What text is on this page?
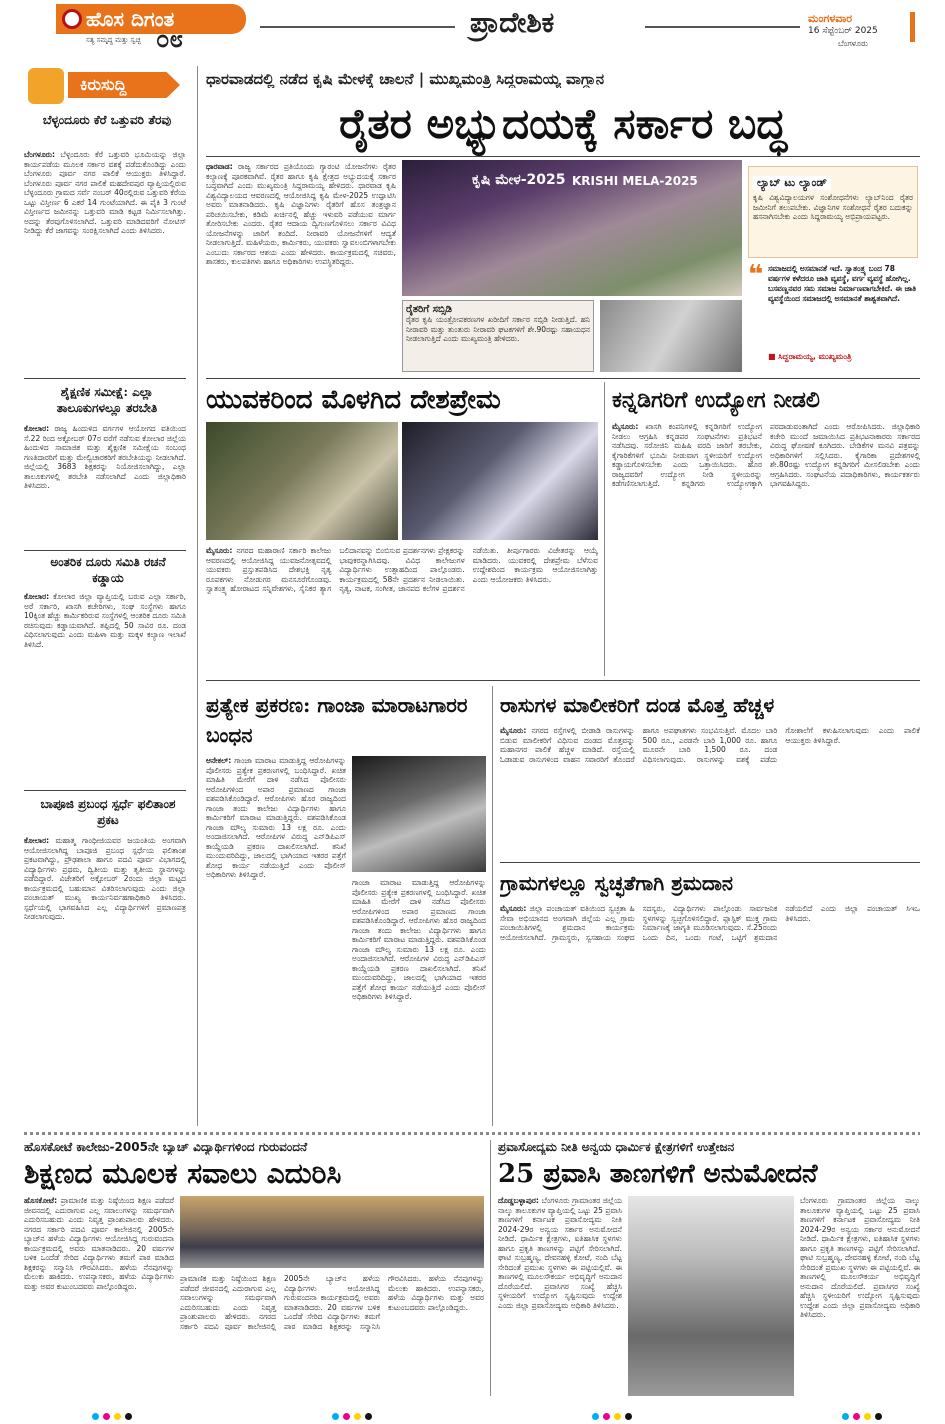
ಹೊಸ ದಿಗಂತ
ಸತ್ಯ ಸಮೃದ್ಧ ಮತ್ತು ಸ್ವಚ್ಛ ೦೮	ಪ್ರಾದೇಶಿಕ	ಮಂಗಳವಾರ
16 ಸೆಪ್ಟೆಂಬರ್ 2025
ಬೆಂಗಳೂರು
ಕಿರುಸುದ್ದಿ
ಬೆಳ್ಳಂದೂರು ಕೆರೆ ಒತ್ತುವರಿ ತೆರವು
ಬೆಂಗಳೂರು: ಬೆಳ್ಳಂದೂರು ಕೆರೆ ಒತ್ತುವರಿ ಭೂಮಿಯನ್ನು ಜಿಲ್ಲಾ ಕಾರ್ಯಪಡೆಯ ಮೂಲಕ ಸರ್ಕಾರ ವಶಕ್ಕೆ ಪಡೆದುಕೊಂಡಿದ್ದು ಎಂದು ಬೆಂಗಳೂರು ಪೂರ್ವ ನಗರ ಪಾಲಿಕೆ ಆಯುಕ್ತರು ತಿಳಿಸಿದ್ದಾರೆ. ಬೆಂಗಳೂರು ಪೂರ್ವ ನಗರ ಪಾಲಿಕೆ ಮಹದೇವಪುರ ವ್ಯಾಪ್ತಿಯಲ್ಲಿರುವ ಬೆಳ್ಳಂದೂರು ಗ್ರಾಮದ ಸರ್ವೆ ನಂಬರ್ 40ರಲ್ಲಿರುವ ಒತ್ತುವರಿ ಕೆರೆಯ ಒಟ್ಟು ವಿಸ್ತೀರ್ಣ 6 ಎಕರೆ 14 ಗುಂಟೆಯಾಗಿದೆ. ಈ ಪೈಕಿ 3 ಗುಂಟೆ ವಿಸ್ತೀರ್ಣದ ಜಮೀನನ್ನು ಒತ್ತುವರಿ ಮಾಡಿ ಕಟ್ಟಡ ನಿರ್ಮಿಸಲಾಗಿತ್ತು. ಅದನ್ನು ತೆರವುಗೊಳಿಸಲಾಗಿದೆ. ಒತ್ತುವರಿ ಮಾಡಿದವರಿಗೆ ನೋಟಿಸ್ ನೀಡಿದ್ದು ಕೆರೆ ಜಾಗವನ್ನು ಸಂರಕ್ಷಿಸಲಾಗಿದೆ ಎಂದು ತಿಳಿಸಿದರು.
ಶೈಕ್ಷಣಿಕ ಸಮೀಕ್ಷೆ: ಎಲ್ಲಾ ತಾಲೂಕುಗಳಲ್ಲೂ ತರಬೇತಿ
ಕೋಲಾರ: ರಾಜ್ಯ ಹಿಂದುಳಿದ ವರ್ಗಗಳ ಆಯೋಗದ ವತಿಯಿಂದ ಸೆ.22 ರಿಂದ ಅಕ್ಟೋಬರ್ 07ರ ವರೆಗೆ ನಡೆಸುವ ಕೋಲಾರ ಜಿಲ್ಲೆಯ ಹಿಂದುಳಿದ ಸಾಮಾಜಿಕ ಮತ್ತು ಶೈಕ್ಷಣಿಕ ಸಮೀಕ್ಷೆಯ ಸಂಬಂಧ ಗಣತಿದಾರರಿಗೆ ಮತ್ತು ಮೇಲ್ವಿಚಾರಕರಿಗೆ ತರಬೇತಿಯನ್ನು ನೀಡಲಾಗಿದೆ. ಜಿಲ್ಲೆಯಲ್ಲಿ 3683 ಶಿಕ್ಷಕರನ್ನು ನಿಯೋಜಿಸಲಾಗಿದ್ದು, ಎಲ್ಲಾ ತಾಲೂಕುಗಳಲ್ಲಿ ತರಬೇತಿ ನಡೆಸಲಾಗಿದೆ ಎಂದು ಜಿಲ್ಲಾಧಿಕಾರಿ ತಿಳಿಸಿದರು.
ಅಂತರಿಕ ದೂರು ಸಮಿತಿ ರಚನೆ ಕಡ್ಡಾಯ
ಕೋಲಾರ: ಕೋಲಾರ ಜಿಲ್ಲಾ ವ್ಯಾಪ್ತಿಯಲ್ಲಿ ಬರುವ ಎಲ್ಲಾ ಸರ್ಕಾರಿ, ಅರೆ ಸರ್ಕಾರಿ, ಖಾಸಗಿ ಕಚೇರಿಗಳು, ಸಂಘ ಸಂಸ್ಥೆಗಳು ಹಾಗೂ 10ಕ್ಕಿಂತ ಹೆಚ್ಚು ಕಾರ್ಮಿಕರಿರುವ ಸಂಸ್ಥೆಗಳಲ್ಲಿ ಆಂತರಿಕ ದೂರು ಸಮಿತಿ ರಚಿಸುವುದು ಕಡ್ಡಾಯವಾಗಿದೆ. ತಪ್ಪಿದಲ್ಲಿ 50 ಸಾವಿರ ರೂ. ದಂಡ ವಿಧಿಸಲಾಗುವುದು ಎಂದು ಮಹಿಳಾ ಮತ್ತು ಮಕ್ಕಳ ಕಲ್ಯಾಣ ಇಲಾಖೆ ತಿಳಿಸಿದೆ.
ಬಾಪೂಜಿ ಪ್ರಬಂಧ ಸ್ಪರ್ಧೆ ಫಲಿತಾಂಶ ಪ್ರಕಟ
ಕೋಲಾರ: ಮಹಾತ್ಮ ಗಾಂಧೀಜಿಯವರ ಜಯಂತಿಯ ಅಂಗವಾಗಿ ಆಯೋಜಿಸಲಾಗಿದ್ದ ಬಾಪೂಜಿ ಪ್ರಬಂಧ ಸ್ಪರ್ಧೆಯ ಫಲಿತಾಂಶ ಪ್ರಕಟವಾಗಿದ್ದು, ಪ್ರೌಢಶಾಲಾ ಹಾಗೂ ಪದವಿ ಪೂರ್ವ ವಿಭಾಗದಲ್ಲಿ ವಿದ್ಯಾರ್ಥಿಗಳು ಪ್ರಥಮ, ದ್ವಿತೀಯ ಮತ್ತು ತೃತೀಯ ಸ್ಥಾನಗಳನ್ನು ಪಡೆದಿದ್ದಾರೆ. ವಿಜೇತರಿಗೆ ಅಕ್ಟೋಬರ್ 2ರಂದು ಜಿಲ್ಲಾ ಮಟ್ಟದ ಕಾರ್ಯಕ್ರಮದಲ್ಲಿ ಬಹುಮಾನ ವಿತರಿಸಲಾಗುವುದು ಎಂದು ಜಿಲ್ಲಾ ಪಂಚಾಯತ್ ಮುಖ್ಯ ಕಾರ್ಯನಿರ್ವಹಣಾಧಿಕಾರಿ ತಿಳಿಸಿದರು. ಸ್ಪರ್ಧೆಯಲ್ಲಿ ಭಾಗವಹಿಸಿದ ಎಲ್ಲ ವಿದ್ಯಾರ್ಥಿಗಳಿಗೆ ಪ್ರಮಾಣಪತ್ರ ನೀಡಲಾಗುವುದು.
ಧಾರವಾಡದಲ್ಲಿ ನಡೆದ ಕೃಷಿ ಮೇಳಕ್ಕೆ ಚಾಲನೆ | ಮುಖ್ಯಮಂತ್ರಿ ಸಿದ್ದರಾಮಯ್ಯ ವಾಗ್ದಾನ
ರೈತರ ಅಭ್ಯುದಯಕ್ಕೆ ಸರ್ಕಾರ ಬದ್ಧ
ಧಾರವಾಡ: ರಾಜ್ಯ ಸರ್ಕಾರದ ಪ್ರತಿಯೊಂದು ಗ್ಯಾರಂಟಿ ಯೋಜನೆಗಳು ರೈತರ ಕಲ್ಯಾಣಕ್ಕೆ ಪೂರಕವಾಗಿವೆ. ರೈತರ ಹಾಗೂ ಕೃಷಿ ಕ್ಷೇತ್ರದ ಅಭ್ಯುದಯಕ್ಕೆ ಸರ್ಕಾರ ಬದ್ಧವಾಗಿದೆ ಎಂದು ಮುಖ್ಯಮಂತ್ರಿ ಸಿದ್ದರಾಮಯ್ಯ ಹೇಳಿದರು. ಧಾರವಾಡ ಕೃಷಿ ವಿಶ್ವವಿದ್ಯಾಲಯದ ಆವರಣದಲ್ಲಿ ಆಯೋಜಿಸಿದ್ದ ಕೃಷಿ ಮೇಳ-2025 ಉದ್ಘಾಟಿಸಿ ಅವರು ಮಾತನಾಡಿದರು. ಕೃಷಿ ವಿಜ್ಞಾನಿಗಳು ರೈತರಿಗೆ ಹೊಸ ತಂತ್ರಜ್ಞಾನ ಪರಿಚಯಿಸಬೇಕು, ಕಡಿಮೆ ಖರ್ಚಿನಲ್ಲಿ ಹೆಚ್ಚು ಇಳುವರಿ ಪಡೆಯುವ ಮಾರ್ಗ ತೋರಿಸಬೇಕು ಎಂದರು. ರೈತರ ಆದಾಯ ದ್ವಿಗುಣಗೊಳಿಸಲು ಸರ್ಕಾರ ವಿವಿಧ ಯೋಜನೆಗಳನ್ನು ಜಾರಿಗೆ ತಂದಿದೆ. ನೀರಾವರಿ ಯೋಜನೆಗಳಿಗೆ ಆದ್ಯತೆ ನೀಡಲಾಗುತ್ತಿದೆ. ಮಹಿಳೆಯರು, ಕಾರ್ಮಿಕರು, ಯುವಕರು ಸ್ವಾವಲಂಬಿಗಳಾಗಬೇಕು ಎಂಬುದು ಸರ್ಕಾರದ ಆಶಯ ಎಂದು ಹೇಳಿದರು. ಕಾರ್ಯಕ್ರಮದಲ್ಲಿ ಸಚಿವರು, ಶಾಸಕರು, ಕುಲಪತಿಗಳು ಹಾಗೂ ಅಧಿಕಾರಿಗಳು ಉಪಸ್ಥಿತರಿದ್ದರು.
ಕೃಷಿ ಮೇಳ-2025 KRISHI MELA-2025
ರೈತರಿಗೆ ಸಬ್ಸಿಡಿ
ರೈತರ ಕೃಷಿ ಯಂತ್ರೋಪಕರಣಗಳ ಖರೀದಿಗೆ ಸರ್ಕಾರ ಸಬ್ಸಿಡಿ ನೀಡುತ್ತಿದೆ. ಹನಿ ನೀರಾವರಿ ಮತ್ತು ತುಂತುರು ನೀರಾವರಿ ಘಟಕಗಳಿಗೆ ಶೇ.90ರಷ್ಟು ಸಹಾಯಧನ ನೀಡಲಾಗುತ್ತಿದೆ ಎಂದು ಮುಖ್ಯಮಂತ್ರಿ ಹೇಳಿದರು.
ಲ್ಯಾಬ್ ಟು ಲ್ಯಾಂಡ್
ಕೃಷಿ ವಿಶ್ವವಿದ್ಯಾಲಯಗಳ ಸಂಶೋಧನೆಗಳು ಲ್ಯಾಬ್‌ನಿಂದ ರೈತರ ಜಮೀನಿಗೆ ತಲುಪಬೇಕು. ವಿಜ್ಞಾನಿಗಳ ಸಂಶೋಧನೆ ರೈತರ ಬದುಕನ್ನು ಹಸನಾಗಿಸಬೇಕು ಎಂದು ಸಿದ್ದರಾಮಯ್ಯ ಅಭಿಪ್ರಾಯಪಟ್ಟರು.
❝ ಸಮಾಜದಲ್ಲಿ ಅಸಮಾನತೆ ಇದೆ. ಸ್ವಾತಂತ್ರ್ಯ ಬಂದ 78 ವರ್ಷಗಳ ಕಳೆದರೂ ಜಾತಿ ವ್ಯವಸ್ಥೆ, ವರ್ಗ ವ್ಯವಸ್ಥೆ ಹೋಗಿಲ್ಲ. ಬಸವಣ್ಣನವರ ಸಮ ಸಮಾಜ ನಿರ್ಮಾಣವಾಗಬೇಕಿದೆ. ಈ ಜಾತಿ ವ್ಯವಸ್ಥೆಯಿಂದ ಸಮಾಜದಲ್ಲಿ ಅಸಮಾನತೆ ಶಾಶ್ವತವಾಗಿದೆ.
■ ಸಿದ್ದರಾಮಯ್ಯ, ಮುಖ್ಯಮಂತ್ರಿ
ಯುವಕರಿಂದ ಮೊಳಗಿದ ದೇಶಪ್ರೇಮ
ಮೈಸೂರು: ನಗರದ ಮಹಾರಾಣಿ ಸರ್ಕಾರಿ ಕಾಲೇಜು ಆವರಣದಲ್ಲಿ ಆಯೋಜಿಸಿದ್ದ ಯುವಜನೋತ್ಸವದಲ್ಲಿ ಯುವಕರು ಪ್ರಸ್ತುತಪಡಿಸಿದ ದೇಶಭಕ್ತಿ ನೃತ್ಯ ರೂಪಕಗಳು ನೋಡುಗರ ಮನಸೂರೆಗೊಂಡವು. ಸ್ವಾತಂತ್ರ್ಯ ಹೋರಾಟದ ಸನ್ನಿವೇಶಗಳು, ಸೈನಿಕರ ತ್ಯಾಗ ಬಲಿದಾನವನ್ನು ಬಿಂಬಿಸುವ ಪ್ರದರ್ಶನಗಳು ಪ್ರೇಕ್ಷಕರನ್ನು ಭಾವುಕರನ್ನಾಗಿಸಿದವು. ವಿವಿಧ ಕಾಲೇಜುಗಳ ವಿದ್ಯಾರ್ಥಿಗಳು ಉತ್ಸಾಹದಿಂದ ಪಾಲ್ಗೊಂಡರು. ಕಾರ್ಯಕ್ರಮದಲ್ಲಿ 58ನೇ ಪ್ರದರ್ಶನ ನೀಡಲಾಯಿತು. ನೃತ್ಯ, ನಾಟಕ, ಸಂಗೀತ, ಜಾನಪದ ಕಲೆಗಳ ಪ್ರದರ್ಶನ ನಡೆಯಿತು. ತೀರ್ಪುಗಾರರು ವಿಜೇತರನ್ನು ಆಯ್ಕೆ ಮಾಡಿದರು. ಯುವಕರಲ್ಲಿ ದೇಶಪ್ರೇಮ ಬೆಳೆಸುವ ಉದ್ದೇಶದಿಂದ ಕಾರ್ಯಕ್ರಮ ಆಯೋಜಿಸಲಾಗಿತ್ತು ಎಂದು ಆಯೋಜಕರು ತಿಳಿಸಿದರು.
ಕನ್ನಡಿಗರಿಗೆ ಉದ್ಯೋಗ ನೀಡಲಿ
ಮೈಸೂರು: ಖಾಸಗಿ ಕಂಪನಿಗಳಲ್ಲಿ ಕನ್ನಡಿಗರಿಗೆ ಉದ್ಯೋಗ ನೀಡಲು ಆಗ್ರಹಿಸಿ ಕನ್ನಡಪರ ಸಂಘಟನೆಗಳು ಪ್ರತಿಭಟನೆ ನಡೆಸಿದವು. ಸರೋಜಿನಿ ಮಹಿಷಿ ವರದಿ ಜಾರಿಗೆ ತರಬೇಕು, ಕೈಗಾರಿಕೆಗಳಿಗೆ ಭೂಮಿ ನೀಡುವಾಗ ಸ್ಥಳೀಯರಿಗೆ ಉದ್ಯೋಗ ಕಡ್ಡಾಯಗೊಳಿಸಬೇಕು ಎಂದು ಒತ್ತಾಯಿಸಿದರು. ಹೊರ ರಾಜ್ಯದವರಿಗೆ ಉದ್ಯೋಗ ನೀಡಿ ಸ್ಥಳೀಯರನ್ನು ಕಡೆಗಣಿಸಲಾಗುತ್ತಿದೆ. ಕನ್ನಡಿಗರು ಉದ್ಯೋಗಕ್ಕಾಗಿ ಪರದಾಡುವಂತಾಗಿದೆ ಎಂದು ಆರೋಪಿಸಿದರು. ಜಿಲ್ಲಾಧಿಕಾರಿ ಕಚೇರಿ ಮುಂದೆ ಜಮಾಯಿಸಿದ ಪ್ರತಿಭಟನಾಕಾರರು ಸರ್ಕಾರದ ವಿರುದ್ಧ ಘೋಷಣೆ ಕೂಗಿದರು. ಬೇಡಿಕೆಗಳ ಮನವಿ ಪತ್ರವನ್ನು ಅಧಿಕಾರಿಗಳಿಗೆ ಸಲ್ಲಿಸಿದರು. ಕೈಗಾರಿಕಾ ಪ್ರದೇಶಗಳಲ್ಲಿ ಶೇ.80ರಷ್ಟು ಉದ್ಯೋಗ ಕನ್ನಡಿಗರಿಗೆ ಮೀಸಲಿಡಬೇಕು ಎಂದು ಆಗ್ರಹಿಸಿದರು. ಸಂಘಟನೆಯ ಪದಾಧಿಕಾರಿಗಳು, ಕಾರ್ಯಕರ್ತರು ಭಾಗವಹಿಸಿದ್ದರು.
ಪ್ರತ್ಯೇಕ ಪ್ರಕರಣ: ಗಾಂಜಾ ಮಾರಾಟಗಾರರ ಬಂಧನ
ಆನೇಕಲ್: ಗಾಂಜಾ ಮಾರಾಟ ಮಾಡುತ್ತಿದ್ದ ಆರೋಪಿಗಳನ್ನು ಪೊಲೀಸರು ಪ್ರತ್ಯೇಕ ಪ್ರಕರಣಗಳಲ್ಲಿ ಬಂಧಿಸಿದ್ದಾರೆ. ಖಚಿತ ಮಾಹಿತಿ ಮೇರೆಗೆ ದಾಳಿ ನಡೆಸಿದ ಪೊಲೀಸರು ಆರೋಪಿಗಳಿಂದ ಅಪಾರ ಪ್ರಮಾಣದ ಗಾಂಜಾ ವಶಪಡಿಸಿಕೊಂಡಿದ್ದಾರೆ. ಆರೋಪಿಗಳು ಹೊರ ರಾಜ್ಯದಿಂದ ಗಾಂಜಾ ತಂದು ಕಾಲೇಜು ವಿದ್ಯಾರ್ಥಿಗಳು ಹಾಗೂ ಕಾರ್ಮಿಕರಿಗೆ ಮಾರಾಟ ಮಾಡುತ್ತಿದ್ದರು. ವಶಪಡಿಸಿಕೊಂಡ ಗಾಂಜಾ ಮೌಲ್ಯ ಸುಮಾರು 13 ಲಕ್ಷ ರೂ. ಎಂದು ಅಂದಾಜಿಸಲಾಗಿದೆ. ಆರೋಪಿಗಳ ವಿರುದ್ಧ ಎನ್‌ಡಿಪಿಎಸ್ ಕಾಯ್ದೆಯಡಿ ಪ್ರಕರಣ ದಾಖಲಿಸಲಾಗಿದೆ. ತನಿಖೆ ಮುಂದುವರಿದಿದ್ದು, ಜಾಲದಲ್ಲಿ ಭಾಗಿಯಾದ ಇತರರ ಪತ್ತೆಗೆ ಶೋಧ ಕಾರ್ಯ ನಡೆಯುತ್ತಿದೆ ಎಂದು ಪೊಲೀಸ್ ಅಧಿಕಾರಿಗಳು ತಿಳಿಸಿದ್ದಾರೆ.
ಗಾಂಜಾ ಮಾರಾಟ ಮಾಡುತ್ತಿದ್ದ ಆರೋಪಿಗಳನ್ನು ಪೊಲೀಸರು ಪ್ರತ್ಯೇಕ ಪ್ರಕರಣಗಳಲ್ಲಿ ಬಂಧಿಸಿದ್ದಾರೆ. ಖಚಿತ ಮಾಹಿತಿ ಮೇರೆಗೆ ದಾಳಿ ನಡೆಸಿದ ಪೊಲೀಸರು ಆರೋಪಿಗಳಿಂದ ಅಪಾರ ಪ್ರಮಾಣದ ಗಾಂಜಾ ವಶಪಡಿಸಿಕೊಂಡಿದ್ದಾರೆ. ಆರೋಪಿಗಳು ಹೊರ ರಾಜ್ಯದಿಂದ ಗಾಂಜಾ ತಂದು ಕಾಲೇಜು ವಿದ್ಯಾರ್ಥಿಗಳು ಹಾಗೂ ಕಾರ್ಮಿಕರಿಗೆ ಮಾರಾಟ ಮಾಡುತ್ತಿದ್ದರು. ವಶಪಡಿಸಿಕೊಂಡ ಗಾಂಜಾ ಮೌಲ್ಯ ಸುಮಾರು 13 ಲಕ್ಷ ರೂ. ಎಂದು ಅಂದಾಜಿಸಲಾಗಿದೆ. ಆರೋಪಿಗಳ ವಿರುದ್ಧ ಎನ್‌ಡಿಪಿಎಸ್ ಕಾಯ್ದೆಯಡಿ ಪ್ರಕರಣ ದಾಖಲಿಸಲಾಗಿದೆ. ತನಿಖೆ ಮುಂದುವರಿದಿದ್ದು, ಜಾಲದಲ್ಲಿ ಭಾಗಿಯಾದ ಇತರರ ಪತ್ತೆಗೆ ಶೋಧ ಕಾರ್ಯ ನಡೆಯುತ್ತಿದೆ ಎಂದು ಪೊಲೀಸ್ ಅಧಿಕಾರಿಗಳು ತಿಳಿಸಿದ್ದಾರೆ.
ರಾಸುಗಳ ಮಾಲೀಕರಿಗೆ ದಂಡ ಮೊತ್ತ ಹೆಚ್ಚಳ
ಮೈಸೂರು: ನಗರದ ರಸ್ತೆಗಳಲ್ಲಿ ಬೀಡಾಡಿ ರಾಸುಗಳನ್ನು ಬಿಡುವ ಮಾಲೀಕರಿಗೆ ವಿಧಿಸುವ ದಂಡದ ಮೊತ್ತವನ್ನು ಮಹಾನಗರ ಪಾಲಿಕೆ ಹೆಚ್ಚಳ ಮಾಡಿದೆ. ರಸ್ತೆಯಲ್ಲಿ ಓಡಾಡುವ ರಾಸುಗಳಿಂದ ವಾಹನ ಸವಾರರಿಗೆ ತೊಂದರೆ ಹಾಗೂ ಅಪಘಾತಗಳು ಸಂಭವಿಸುತ್ತಿವೆ. ಮೊದಲ ಬಾರಿ 500 ರೂ., ಎರಡನೇ ಬಾರಿ 1,000 ರೂ. ಹಾಗೂ ಮೂರನೇ ಬಾರಿ 1,500 ರೂ. ದಂಡ ವಿಧಿಸಲಾಗುವುದು. ರಾಸುಗಳನ್ನು ವಶಕ್ಕೆ ಪಡೆದು ಗೋಶಾಲೆಗೆ ಕಳುಹಿಸಲಾಗುವುದು ಎಂದು ಪಾಲಿಕೆ ಆಯುಕ್ತರು ತಿಳಿಸಿದ್ದಾರೆ.
ಗ್ರಾಮಗಳಲ್ಲೂ ಸ್ವಚ್ಛತೆಗಾಗಿ ಶ್ರಮದಾನ
ಮೈಸೂರು: ಜಿಲ್ಲಾ ಪಂಚಾಯತ್ ವತಿಯಿಂದ ಸ್ವಚ್ಛತಾ ಹಿ ಸೇವಾ ಅಭಿಯಾನದ ಅಂಗವಾಗಿ ಜಿಲ್ಲೆಯ ಎಲ್ಲ ಗ್ರಾಮ ಪಂಚಾಯಿತಿಗಳಲ್ಲಿ ಶ್ರಮದಾನ ಕಾರ್ಯಕ್ರಮ ಆಯೋಜಿಸಲಾಗಿದೆ. ಗ್ರಾಮಸ್ಥರು, ಸ್ವಸಹಾಯ ಸಂಘದ ಸದಸ್ಯರು, ವಿದ್ಯಾರ್ಥಿಗಳು ಪಾಲ್ಗೊಂಡು ಸಾರ್ವಜನಿಕ ಸ್ಥಳಗಳನ್ನು ಸ್ವಚ್ಛಗೊಳಿಸಲಿದ್ದಾರೆ. ಪ್ಲಾಸ್ಟಿಕ್ ಮುಕ್ತ ಗ್ರಾಮ ನಿರ್ಮಾಣಕ್ಕೆ ಜಾಗೃತಿ ಮೂಡಿಸಲಾಗುವುದು. ಸೆ.25ರಂದು ಒಂದು ದಿನ, ಒಂದು ಗಂಟೆ, ಒಟ್ಟಿಗೆ ಶ್ರಮದಾನ ನಡೆಯಲಿದೆ ಎಂದು ಜಿಲ್ಲಾ ಪಂಚಾಯತ್ ಸಿಇಒ ತಿಳಿಸಿದರು.
ಹೊಸಕೋಟೆ ಕಾಲೇಜು-2005ನೇ ಬ್ಯಾಚ್ ವಿದ್ಯಾರ್ಥಿಗಳಿಂದ ಗುರುವಂದನೆ
ಶಿಕ್ಷಣದ ಮೂಲಕ ಸವಾಲು ಎದುರಿಸಿ
ಹೊಸಕೋಟೆ: ಪ್ರಾಮಾಣಿಕ ಮತ್ತು ನಿಷ್ಠೆಯಿಂದ ಶಿಕ್ಷಣ ಪಡೆದರೆ ಜೀವನದಲ್ಲಿ ಎದುರಾಗುವ ಎಲ್ಲ ಸವಾಲುಗಳನ್ನು ಸಮರ್ಥವಾಗಿ ಎದುರಿಸಬಹುದು ಎಂದು ನಿವೃತ್ತ ಪ್ರಾಂಶುಪಾಲರು ಹೇಳಿದರು. ನಗರದ ಸರ್ಕಾರಿ ಪದವಿ ಪೂರ್ವ ಕಾಲೇಜಿನಲ್ಲಿ 2005ನೇ ಬ್ಯಾಚ್‌ನ ಹಳೆಯ ವಿದ್ಯಾರ್ಥಿಗಳು ಆಯೋಜಿಸಿದ್ದ ಗುರುವಂದನಾ ಕಾರ್ಯಕ್ರಮದಲ್ಲಿ ಅವರು ಮಾತನಾಡಿದರು. 20 ವರ್ಷಗಳ ಬಳಿಕ ಒಂದೆಡೆ ಸೇರಿದ ವಿದ್ಯಾರ್ಥಿಗಳು ತಮಗೆ ಪಾಠ ಮಾಡಿದ ಶಿಕ್ಷಕರನ್ನು ಸನ್ಮಾನಿಸಿ ಗೌರವಿಸಿದರು. ಹಳೆಯ ನೆನಪುಗಳನ್ನು ಮೆಲುಕು ಹಾಕಿದರು. ಉಪನ್ಯಾಸಕರು, ಹಳೆಯ ವಿದ್ಯಾರ್ಥಿಗಳು ಮತ್ತು ಅವರ ಕುಟುಂಬದವರು ಪಾಲ್ಗೊಂಡಿದ್ದರು.
ಪ್ರಾಮಾಣಿಕ ಮತ್ತು ನಿಷ್ಠೆಯಿಂದ ಶಿಕ್ಷಣ ಪಡೆದರೆ ಜೀವನದಲ್ಲಿ ಎದುರಾಗುವ ಎಲ್ಲ ಸವಾಲುಗಳನ್ನು ಸಮರ್ಥವಾಗಿ ಎದುರಿಸಬಹುದು ಎಂದು ನಿವೃತ್ತ ಪ್ರಾಂಶುಪಾಲರು ಹೇಳಿದರು. ನಗರದ ಸರ್ಕಾರಿ ಪದವಿ ಪೂರ್ವ ಕಾಲೇಜಿನಲ್ಲಿ 2005ನೇ ಬ್ಯಾಚ್‌ನ ಹಳೆಯ ವಿದ್ಯಾರ್ಥಿಗಳು ಆಯೋಜಿಸಿದ್ದ ಗುರುವಂದನಾ ಕಾರ್ಯಕ್ರಮದಲ್ಲಿ ಅವರು ಮಾತನಾಡಿದರು. 20 ವರ್ಷಗಳ ಬಳಿಕ ಒಂದೆಡೆ ಸೇರಿದ ವಿದ್ಯಾರ್ಥಿಗಳು ತಮಗೆ ಪಾಠ ಮಾಡಿದ ಶಿಕ್ಷಕರನ್ನು ಸನ್ಮಾನಿಸಿ ಗೌರವಿಸಿದರು. ಹಳೆಯ ನೆನಪುಗಳನ್ನು ಮೆಲುಕು ಹಾಕಿದರು. ಉಪನ್ಯಾಸಕರು, ಹಳೆಯ ವಿದ್ಯಾರ್ಥಿಗಳು ಮತ್ತು ಅವರ ಕುಟುಂಬದವರು ಪಾಲ್ಗೊಂಡಿದ್ದರು.
ಪ್ರವಾಸೋದ್ಯಮ ನೀತಿ ಅನ್ವಯ ಧಾರ್ಮಿಕ ಕ್ಷೇತ್ರಗಳಿಗೆ ಉತ್ತೇಜನ
25 ಪ್ರವಾಸಿ ತಾಣಗಳಿಗೆ ಅನುಮೋದನೆ
ದೊಡ್ಡಬಳ್ಳಾಪುರ: ಬೆಂಗಳೂರು ಗ್ರಾಮಾಂತರ ಜಿಲ್ಲೆಯ ನಾಲ್ಕು ತಾಲೂಕುಗಳ ವ್ಯಾಪ್ತಿಯಲ್ಲಿ ಒಟ್ಟು 25 ಪ್ರವಾಸಿ ತಾಣಗಳಿಗೆ ಕರ್ನಾಟಕ ಪ್ರವಾಸೋದ್ಯಮ ನೀತಿ 2024-29ರ ಅನ್ವಯ ಸರ್ಕಾರ ಅನುಮೋದನೆ ನೀಡಿದೆ. ಧಾರ್ಮಿಕ ಕ್ಷೇತ್ರಗಳು, ಐತಿಹಾಸಿಕ ಸ್ಥಳಗಳು ಹಾಗೂ ಪ್ರಕೃತಿ ತಾಣಗಳನ್ನು ಪಟ್ಟಿಗೆ ಸೇರಿಸಲಾಗಿದೆ. ಘಾಟಿ ಸುಬ್ರಹ್ಮಣ್ಯ, ದೇವನಹಳ್ಳಿ ಕೋಟೆ, ನಂದಿ ಬೆಟ್ಟ ಸೇರಿದಂತೆ ಪ್ರಮುಖ ಸ್ಥಳಗಳು ಈ ಪಟ್ಟಿಯಲ್ಲಿವೆ. ಈ ತಾಣಗಳಲ್ಲಿ ಮೂಲಸೌಕರ್ಯ ಅಭಿವೃದ್ಧಿಗೆ ಅನುದಾನ ದೊರೆಯಲಿದೆ. ಪ್ರವಾಸಿಗರ ಸಂಖ್ಯೆ ಹೆಚ್ಚಿಸಿ ಸ್ಥಳೀಯರಿಗೆ ಉದ್ಯೋಗ ಸೃಷ್ಟಿಸುವುದು ಉದ್ದೇಶ ಎಂದು ಜಿಲ್ಲಾ ಪ್ರವಾಸೋದ್ಯಮ ಅಧಿಕಾರಿ ತಿಳಿಸಿದರು.
ಬೆಂಗಳೂರು ಗ್ರಾಮಾಂತರ ಜಿಲ್ಲೆಯ ನಾಲ್ಕು ತಾಲೂಕುಗಳ ವ್ಯಾಪ್ತಿಯಲ್ಲಿ ಒಟ್ಟು 25 ಪ್ರವಾಸಿ ತಾಣಗಳಿಗೆ ಕರ್ನಾಟಕ ಪ್ರವಾಸೋದ್ಯಮ ನೀತಿ 2024-29ರ ಅನ್ವಯ ಸರ್ಕಾರ ಅನುಮೋದನೆ ನೀಡಿದೆ. ಧಾರ್ಮಿಕ ಕ್ಷೇತ್ರಗಳು, ಐತಿಹಾಸಿಕ ಸ್ಥಳಗಳು ಹಾಗೂ ಪ್ರಕೃತಿ ತಾಣಗಳನ್ನು ಪಟ್ಟಿಗೆ ಸೇರಿಸಲಾಗಿದೆ. ಘಾಟಿ ಸುಬ್ರಹ್ಮಣ್ಯ, ದೇವನಹಳ್ಳಿ ಕೋಟೆ, ನಂದಿ ಬೆಟ್ಟ ಸೇರಿದಂತೆ ಪ್ರಮುಖ ಸ್ಥಳಗಳು ಈ ಪಟ್ಟಿಯಲ್ಲಿವೆ. ಈ ತಾಣಗಳಲ್ಲಿ ಮೂಲಸೌಕರ್ಯ ಅಭಿವೃದ್ಧಿಗೆ ಅನುದಾನ ದೊರೆಯಲಿದೆ. ಪ್ರವಾಸಿಗರ ಸಂಖ್ಯೆ ಹೆಚ್ಚಿಸಿ ಸ್ಥಳೀಯರಿಗೆ ಉದ್ಯೋಗ ಸೃಷ್ಟಿಸುವುದು ಉದ್ದೇಶ ಎಂದು ಜಿಲ್ಲಾ ಪ್ರವಾಸೋದ್ಯಮ ಅಧಿಕಾರಿ ತಿಳಿಸಿದರು.
